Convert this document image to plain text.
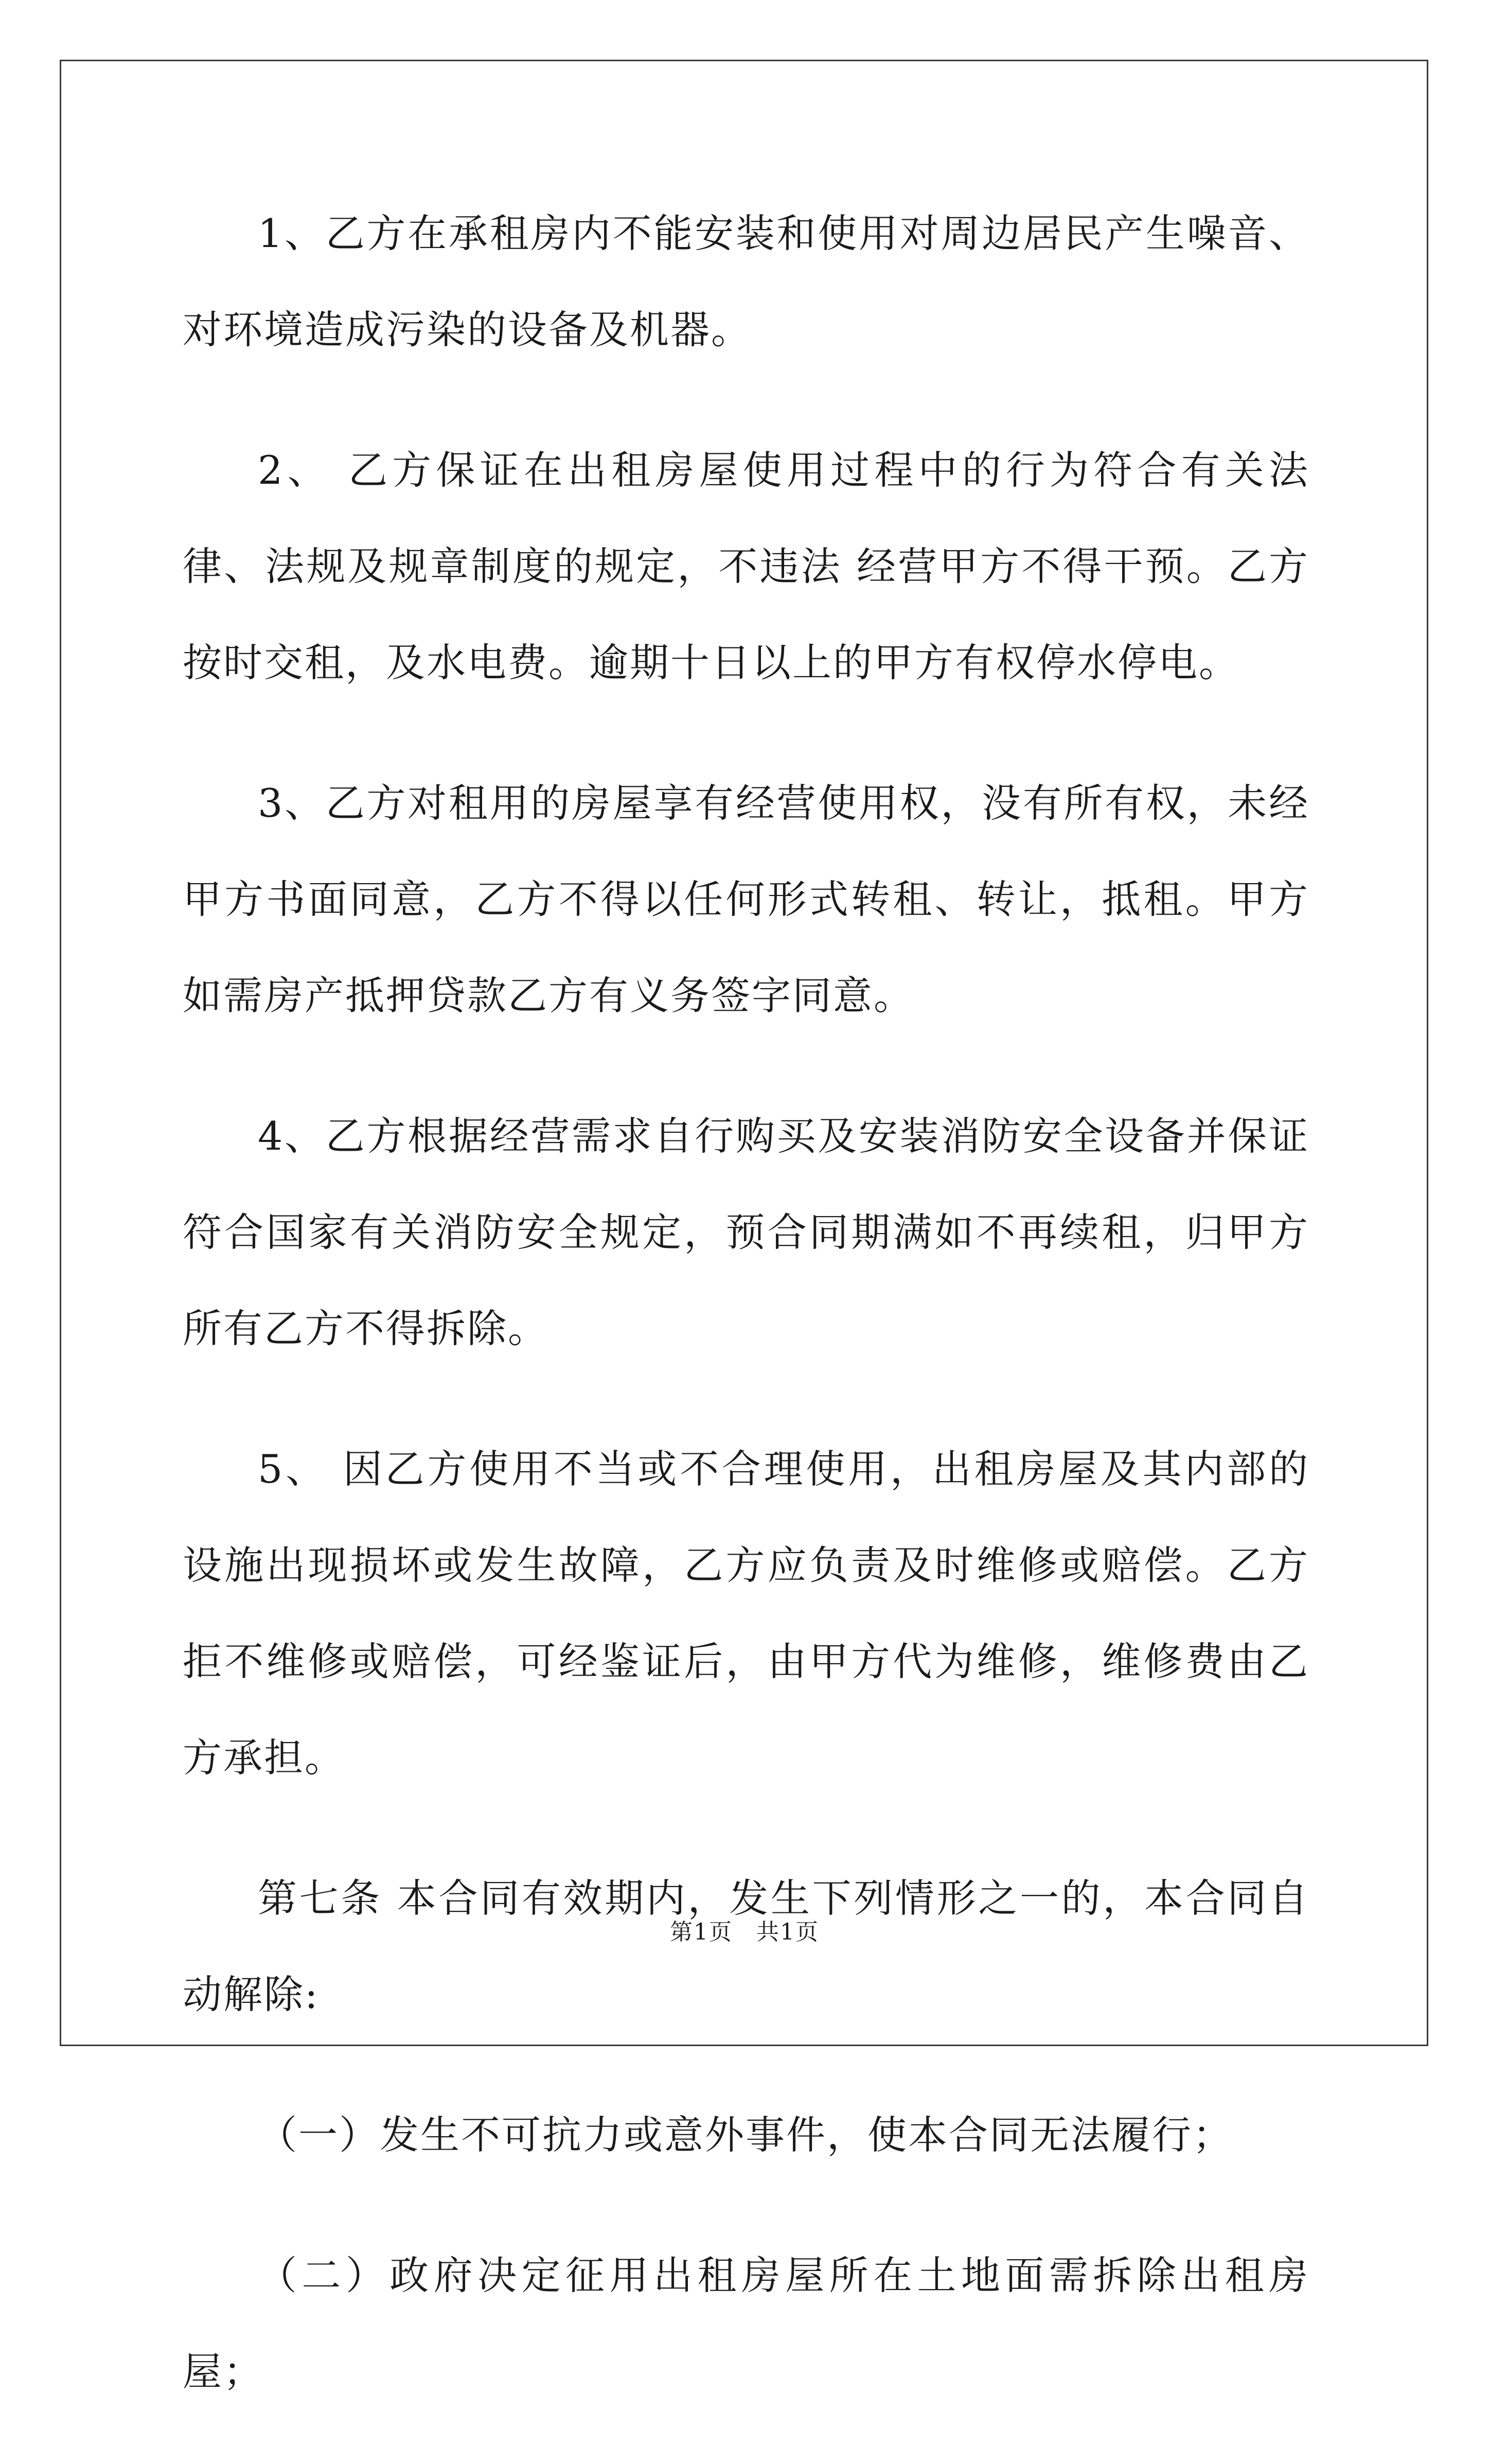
1、乙方在承租房内不能安装和使用对周边居民产生噪音、对环境造成污染的设备及机器。

2、 乙方保证在出租房屋使用过程中的行为符合有关法律、法规及规章制度的规定，不违法 经营甲方不得干预。乙方按时交租，及水电费。逾期十日以上的甲方有权停水停电。

3、乙方对租用的房屋享有经营使用权，没有所有权，未经甲方书面同意，乙方不得以任何形式转租、转让，抵租。甲方如需房产抵押贷款乙方有义务签字同意。

4、乙方根据经营需求自行购买及安装消防安全设备并保证符合国家有关消防安全规定，预合同期满如不再续租，归甲方所有乙方不得拆除。

5、 因乙方使用不当或不合理使用，出租房屋及其内部的设施出现损坏或发生故障，乙方应负责及时维修或赔偿。乙方拒不维修或赔偿，可经鉴证后，由甲方代为维修，维修费由乙方承担。

第七条 本合同有效期内，发生下列情形之一的，本合同自动解除:

（一）发生不可抗力或意外事件，使本合同无法履行；

（二）政府决定征用出租房屋所在土地面需拆除出租房屋；

第1页　共1页
